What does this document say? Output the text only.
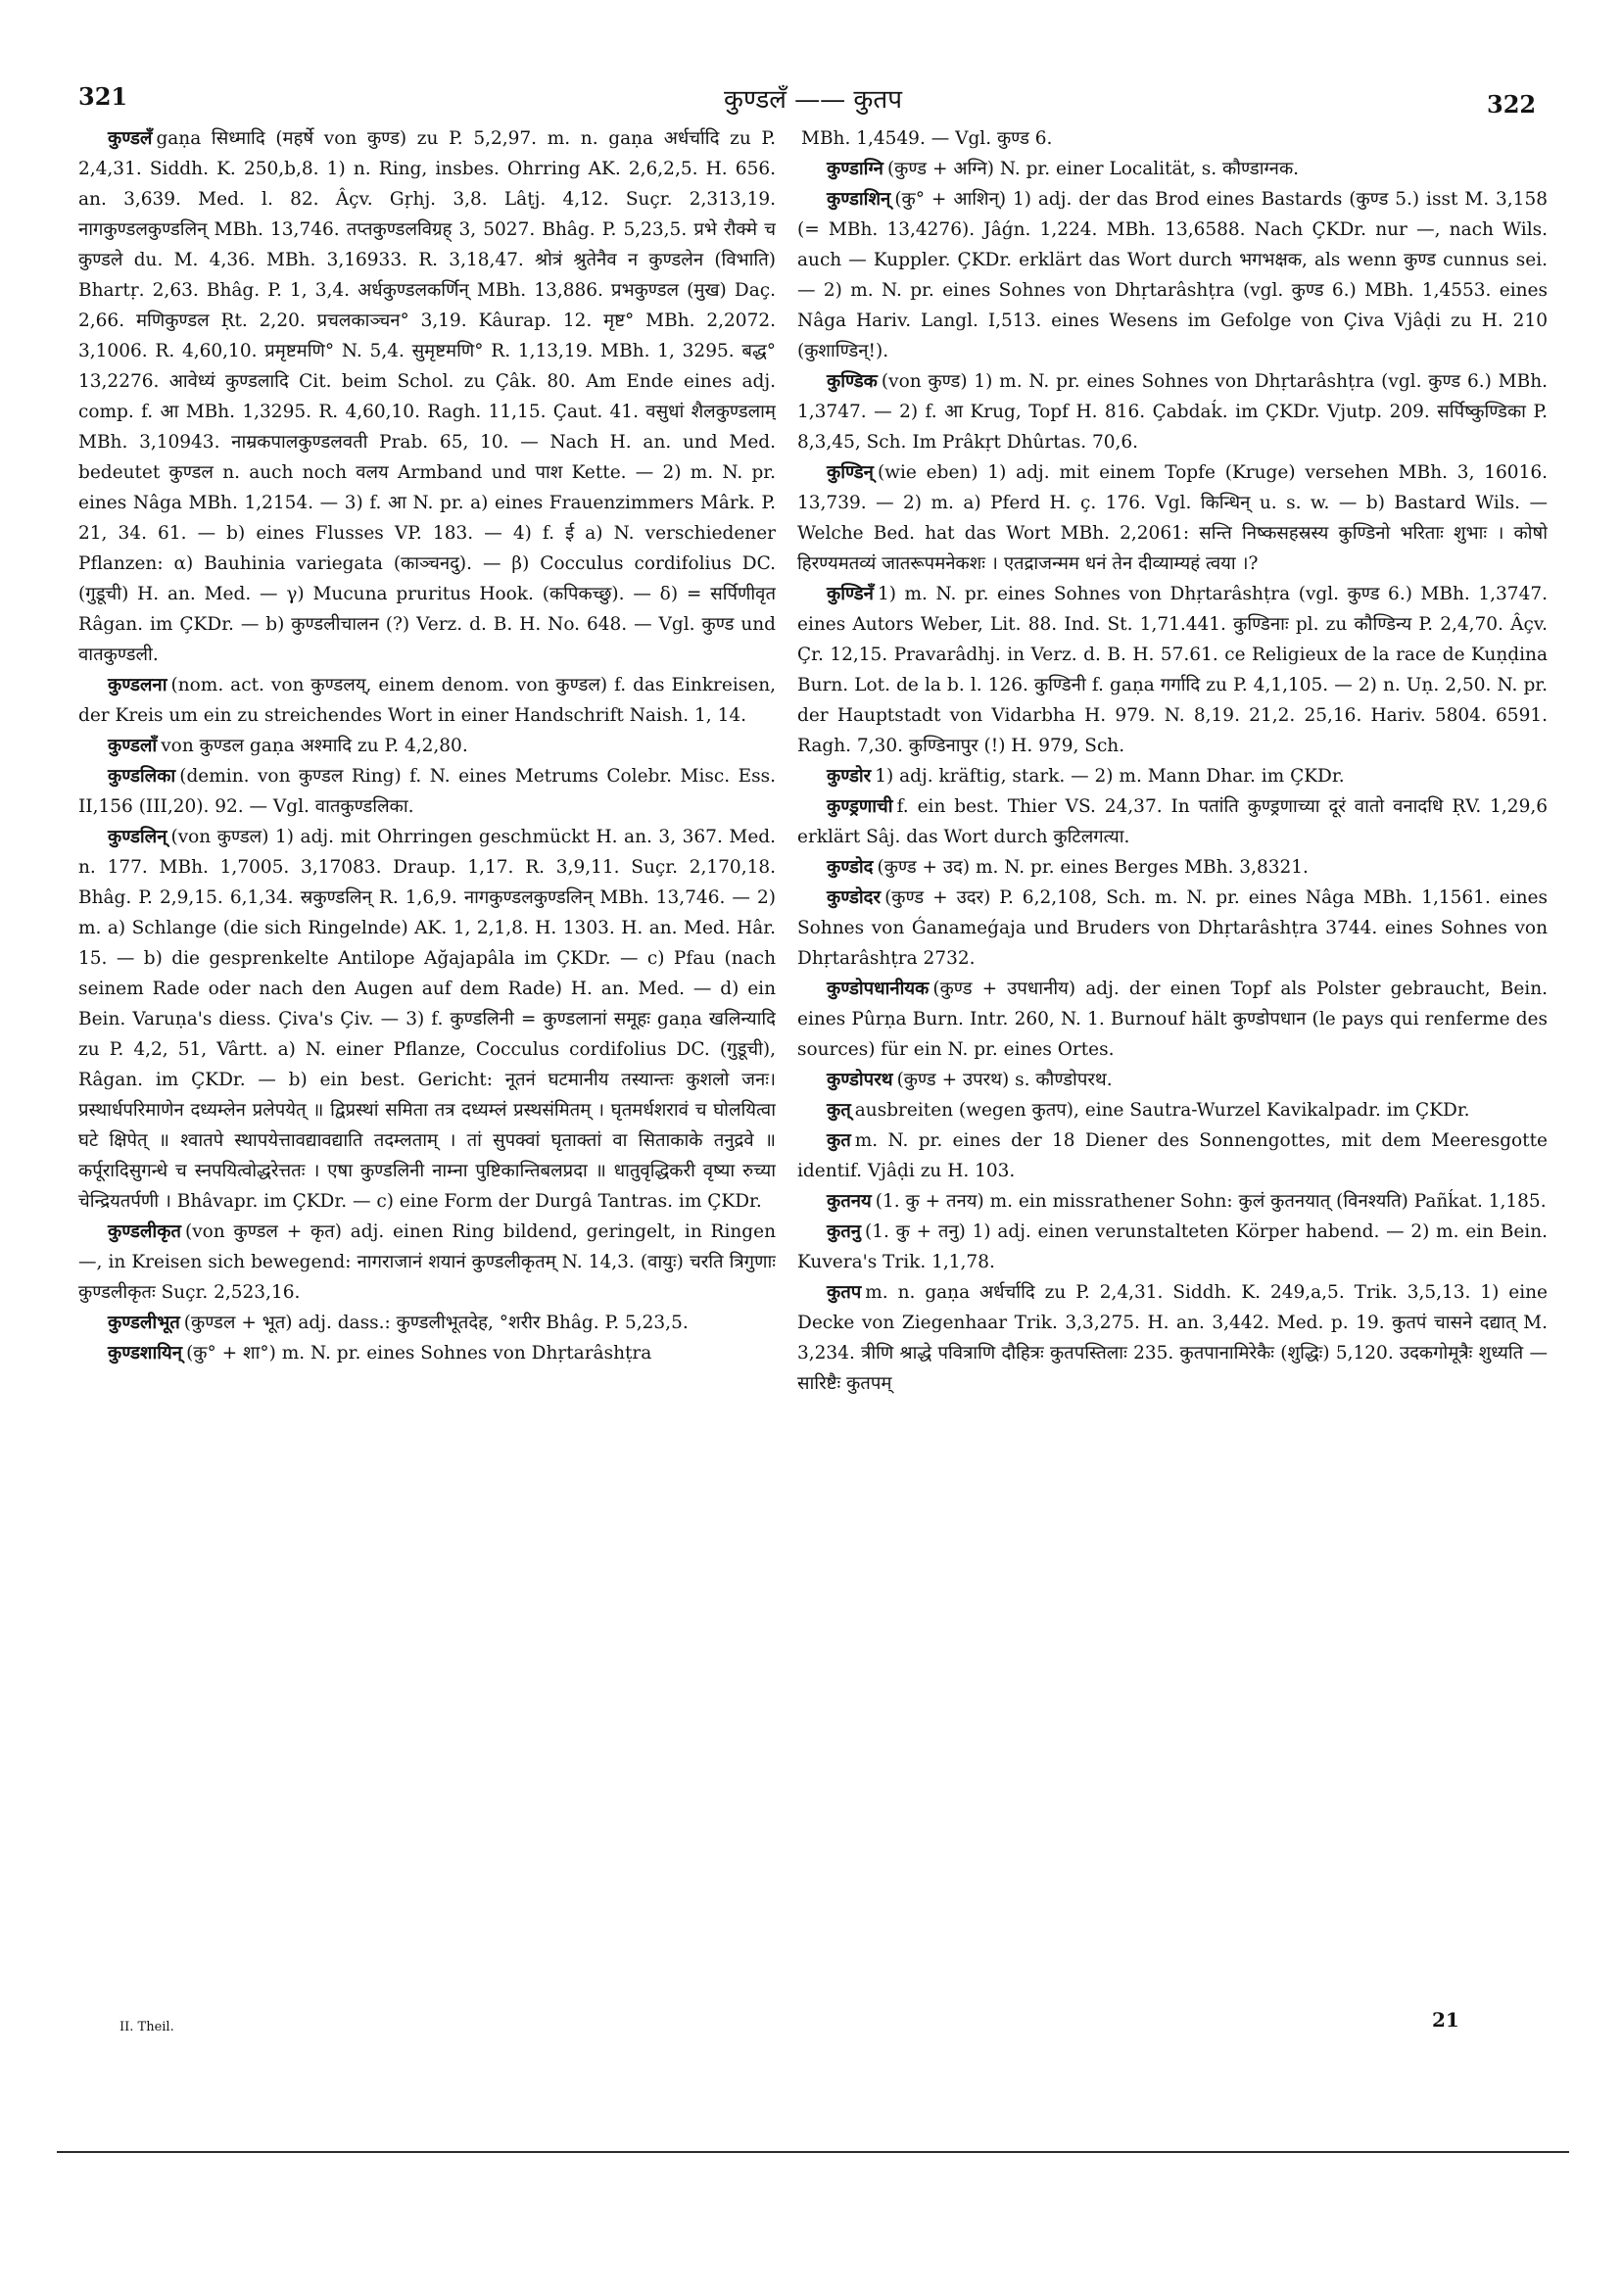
321	कुण्डलँ —— कुतप	322

कुण्डलँ gaṇa सिध्मादि (महर्षे von कुण्ड) zu P. 5,2,97. m. n. gaṇa अर्धर्चादि zu P. 2,4,31. Siddh. K. 250,b,8. 1) n. Ring, insbes. Ohrring AK. 2,6,2,5. H. 656. an. 3,639. Med. l. 82. Âçv. Gṛhj. 3,8. Lâṭj. 4,12. Suçr. 2,313,19. नागकुण्डलकुण्डलिन् MBh. 13,746. तप्तकुण्डलविग्रह् 3, 5027. Bhâg. P. 5,23,5. प्रभे रौक्मे च कुण्डले du. M. 4,36. MBh. 3,16933. R. 3,18,47. श्रोत्रं श्रुतेनैव न कुण्डलेन (विभाति) Bhartṛ. 2,63. Bhâg. P. 1, 3,4. अर्धकुण्डलकर्णिन् MBh. 13,886. प्रभकुण्डल (मुख) Daç. 2,66. मणिकुण्डल Ṛt. 2,20. प्रचलकाञ्चन° 3,19. Kâurap. 12. मृष्ट° MBh. 2,2072. 3,1006. R. 4,60,10. प्रमृष्टमणि° N. 5,4. सुमृष्टमणि° R. 1,13,19. MBh. 1, 3295. बद्ध° 13,2276. आवेध्यं कुण्डलादि Cit. beim Schol. zu Çâk. 80. Am Ende eines adj. comp. f. आ MBh. 1,3295. R. 4,60,10. Ragh. 11,15. Çaut. 41. वसुधां शैलकुण्डलाम् MBh. 3,10943. नाम्रकपालकुण्डलवती Prab. 65, 10. — Nach H. an. und Med. bedeutet कुण्डल n. auch noch वलय Armband und पाश Kette. — 2) m. N. pr. eines Nâga MBh. 1,2154. — 3) f. आ N. pr. a) eines Frauenzimmers Mârk. P. 21, 34. 61. — b) eines Flusses VP. 183. — 4) f. ई a) N. verschiedener Pflanzen: α) Bauhinia variegata (काञ्चनदु). — β) Cocculus cordifolius DC. (गुडूची) H. an. Med. — γ) Mucuna pruritus Hook. (कपिकच्छु). — δ) = सर्पिणीवृत Râgan. im ÇKDr. — b) कुण्डलीचालन (?) Verz. d. B. H. No. 648. — Vgl. कुण्ड und वातकुण्डली.

कुण्डलना (nom. act. von कुण्डलय्, einem denom. von कुण्डल) f. das Einkreisen, der Kreis um ein zu streichendes Wort in einer Handschrift Naish. 1, 14.

कुण्डलाँ von कुण्डल gaṇa अश्मादि zu P. 4,2,80.

कुण्डलिका (demin. von कुण्डल Ring) f. N. eines Metrums Colebr. Misc. Ess. II,156 (III,20). 92. — Vgl. वातकुण्डलिका.

कुण्डलिन् (von कुण्डल) 1) adj. mit Ohrringen geschmückt H. an. 3, 367. Med. n. 177. MBh. 1,7005. 3,17083. Draup. 1,17. R. 3,9,11. Suçr. 2,170,18. Bhâg. P. 2,9,15. 6,1,34. स्रकुण्डलिन् R. 1,6,9. नागकुण्डलकुण्डलिन् MBh. 13,746. — 2) m. a) Schlange (die sich Ringelnde) AK. 1, 2,1,8. H. 1303. H. an. Med. Hâr. 15. — b) die gesprenkelte Antilope Ağajapâla im ÇKDr. — c) Pfau (nach seinem Rade oder nach den Augen auf dem Rade) H. an. Med. — d) ein Bein. Varuṇa's diess. Çiva's Çiv. — 3) f. कुण्डलिनी = कुण्डलानां समूहः gaṇa खलिन्यादि zu P. 4,2, 51, Vârtt. a) N. einer Pflanze, Cocculus cordifolius DC. (गुडूची), Râgan. im ÇKDr. — b) ein best. Gericht: नूतनं घटमानीय तस्यान्तः कुशलो जनः। प्रस्थार्धपरिमाणेन दध्यम्लेन प्रलेपयेत् ॥ द्विप्रस्थां समिता तत्र दध्यम्लं प्रस्थसंमितम् । घृतमर्धशरावं च घोलयित्वा घटे क्षिपेत् ॥ श्वातपे स्थापयेत्तावद्यावद्याति तदम्लताम् । तां सुपक्वां घृताक्तां वा सिताकाके तनुद्रवे ॥ कर्पूरादिसुगन्धे च स्नपयित्वोद्धरेत्ततः । एषा कुण्डलिनी नाम्ना पुष्टिकान्तिबलप्रदा ॥ धातुवृद्धिकरी वृष्या रुच्या चेन्द्रियतर्पणी । Bhâvapr. im ÇKDr. — c) eine Form der Durgâ Tantras. im ÇKDr.

कुण्डलीकृत (von कुण्डल + कृत) adj. einen Ring bildend, geringelt, in Ringen —, in Kreisen sich bewegend: नागराजानं शयानं कुण्डलीकृतम् N. 14,3. (वायुः) चरति त्रिगुणाः कुण्डलीकृतः Suçr. 2,523,16.

कुण्डलीभूत (कुण्डल + भूत) adj. dass.: कुण्डलीभूतदेह, °शरीर Bhâg. P. 5,23,5.

कुण्डशायिन् (कु° + शा°) m. N. pr. eines Sohnes von Dhṛtarâshṭra

MBh. 1,4549. — Vgl. कुण्ड 6.

कुण्डाग्नि (कुण्ड + अग्नि) N. pr. einer Localität, s. कौण्डाग्नक.

कुण्डाशिन् (कु° + आशिन्) 1) adj. der das Brod eines Bastards (कुण्ड 5.) isst M. 3,158 (= MBh. 13,4276). Jâǵn. 1,224. MBh. 13,6588. Nach ÇKDr. nur —, nach Wils. auch — Kuppler. ÇKDr. erklärt das Wort durch भगभक्षक, als wenn कुण्ड cunnus sei. — 2) m. N. pr. eines Sohnes von Dhṛtarâshṭra (vgl. कुण्ड 6.) MBh. 1,4553. eines Nâga Hariv. Langl. I,513. eines Wesens im Gefolge von Çiva Vjâḍi zu H. 210 (कुशाण्डिन्!).

कुण्डिक (von कुण्ड) 1) m. N. pr. eines Sohnes von Dhṛtarâshṭra (vgl. कुण्ड 6.) MBh. 1,3747. — 2) f. आ Krug, Topf H. 816. Çabdaḱ. im ÇKDr. Vjutp. 209. सर्पिष्कुण्डिका P. 8,3,45, Sch. Im Prâkṛt Dhûrtas. 70,6.

कुण्डिन् (wie eben) 1) adj. mit einem Topfe (Kruge) versehen MBh. 3, 16016. 13,739. — 2) m. a) Pferd H. ç. 176. Vgl. किन्धिन् u. s. w. — b) Bastard Wils. — Welche Bed. hat das Wort MBh. 2,2061: सन्ति निष्कसहस्रस्य कुण्डिनो भरिताः शुभाः । कोषो हिरण्यमतव्यं जातरूपमनेकशः । एतद्राजन्मम धनं तेन दीव्याम्यहं त्वया ।?

कुण्डिनँ 1) m. N. pr. eines Sohnes von Dhṛtarâshṭra (vgl. कुण्ड 6.) MBh. 1,3747. eines Autors Weber, Lit. 88. Ind. St. 1,71.441. कुण्डिनाः pl. zu कौण्डिन्य P. 2,4,70. Âçv. Çr. 12,15. Pravarâdhj. in Verz. d. B. H. 57.61. ce Religieux de la race de Kuṇḍina Burn. Lot. de la b. l. 126. कुण्डिनी f. gaṇa गर्गादि zu P. 4,1,105. — 2) n. Uṇ. 2,50. N. pr. der Hauptstadt von Vidarbha H. 979. N. 8,19. 21,2. 25,16. Hariv. 5804. 6591. Ragh. 7,30. कुण्डिनापुर (!) H. 979, Sch.

कुण्डोर 1) adj. kräftig, stark. — 2) m. Mann Dhar. im ÇKDr.

कुण्ड्रणाची f. ein best. Thier VS. 24,37. In पतांति कुण्ड्रणाच्या दूरं वातो वनादधि ṚV. 1,29,6 erklärt Sâj. das Wort durch कुटिलगत्या.

कुण्डोद (कुण्ड + उद) m. N. pr. eines Berges MBh. 3,8321.

कुण्डोदर (कुण्ड + उदर) P. 6,2,108, Sch. m. N. pr. eines Nâga MBh. 1,1561. eines Sohnes von Ǵanameǵaja und Bruders von Dhṛtarâshṭra 3744. eines Sohnes von Dhṛtarâshṭra 2732.

कुण्डोपधानीयक (कुण्ड + उपधानीय) adj. der einen Topf als Polster gebraucht, Bein. eines Pûrṇa Burn. Intr. 260, N. 1. Burnouf hält कुण्डोपधान (le pays qui renferme des sources) für ein N. pr. eines Ortes.

कुण्डोपरथ (कुण्ड + उपरथ) s. कौण्डोपरथ.

कुत् ausbreiten (wegen कुतप), eine Sautra-Wurzel Kavikalpadr. im ÇKDr.

कुत m. N. pr. eines der 18 Diener des Sonnengottes, mit dem Meeresgotte identif. Vjâḍi zu H. 103.

कुतनय (1. कु + तनय) m. ein missrathener Sohn: कुलं कुतनयात् (विनश्यति) Pañḱat. 1,185.

कुतनु (1. कु + तनु) 1) adj. einen verunstalteten Körper habend. — 2) m. ein Bein. Kuvera's Trik. 1,1,78.

कुतप m. n. gaṇa अर्धर्चादि zu P. 2,4,31. Siddh. K. 249,a,5. Trik. 3,5,13. 1) eine Decke von Ziegenhaar Trik. 3,3,275. H. an. 3,442. Med. p. 19. कुतपं चासने दद्यात् M. 3,234. त्रीणि श्राद्धे पवित्राणि दौहित्रः कुतपस्तिलाः 235. कुतपानामिरेकैः (शुद्धिः) 5,120. उदकगोमूत्रैः शुध्यति — सारिष्टैः कुतपम्

II. Theil.	21
